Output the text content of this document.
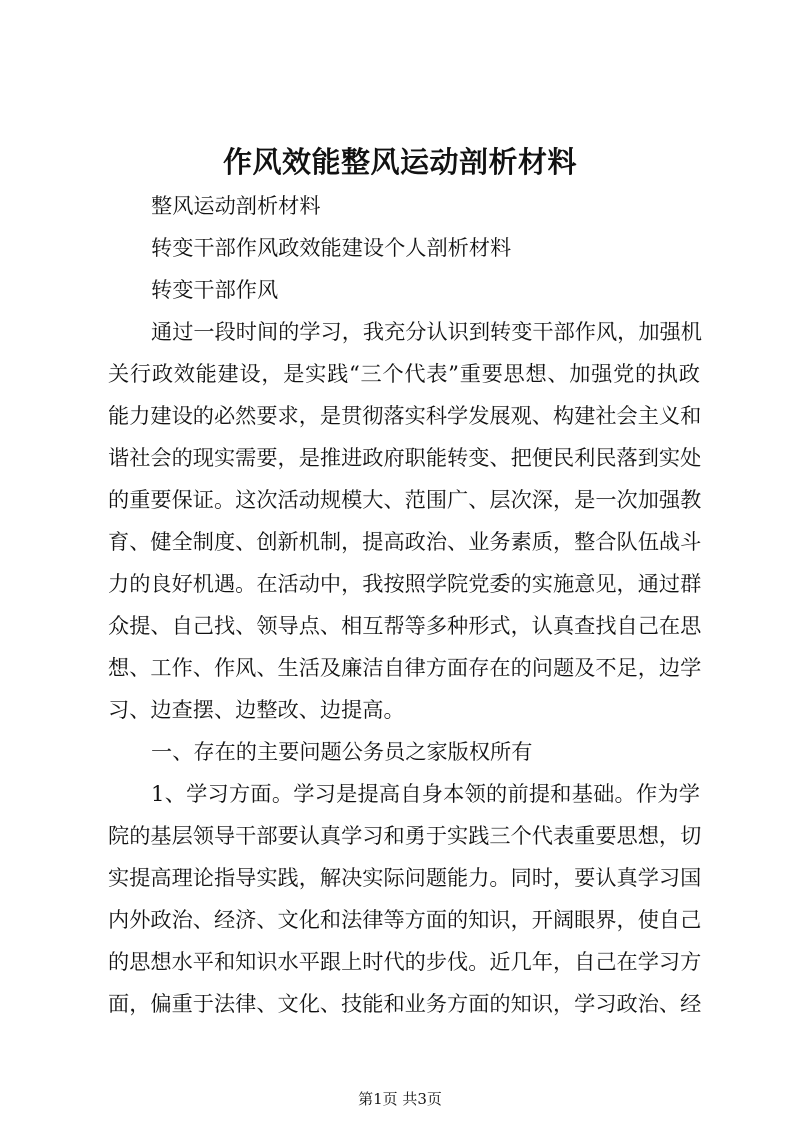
作风效能整风运动剖析材料

整风运动剖析材料

转变干部作风政效能建设个人剖析材料

转变干部作风

通过一段时间的学习，我充分认识到转变干部作风，加强机

关行政效能建设，是实践“三个代表”重要思想、加强党的执政

能力建设的必然要求，是贯彻落实科学发展观、构建社会主义和

谐社会的现实需要，是推进政府职能转变、把便民利民落到实处

的重要保证。这次活动规模大、范围广、层次深，是一次加强教

育、健全制度、创新机制，提高政治、业务素质，整合队伍战斗

力的良好机遇。在活动中，我按照学院党委的实施意见，通过群

众提、自己找、领导点、相互帮等多种形式，认真查找自己在思

想、工作、作风、生活及廉洁自律方面存在的问题及不足，边学

习、边查摆、边整改、边提高。

一、存在的主要问题公务员之家版权所有

1、学习方面。学习是提高自身本领的前提和基础。作为学

院的基层领导干部要认真学习和勇于实践三个代表重要思想，切

实提高理论指导实践，解决实际问题能力。同时，要认真学习国

内外政治、经济、文化和法律等方面的知识，开阔眼界，使自己

的思想水平和知识水平跟上时代的步伐。近几年，自己在学习方

面，偏重于法律、文化、技能和业务方面的知识，学习政治、经

第1页 共3页
